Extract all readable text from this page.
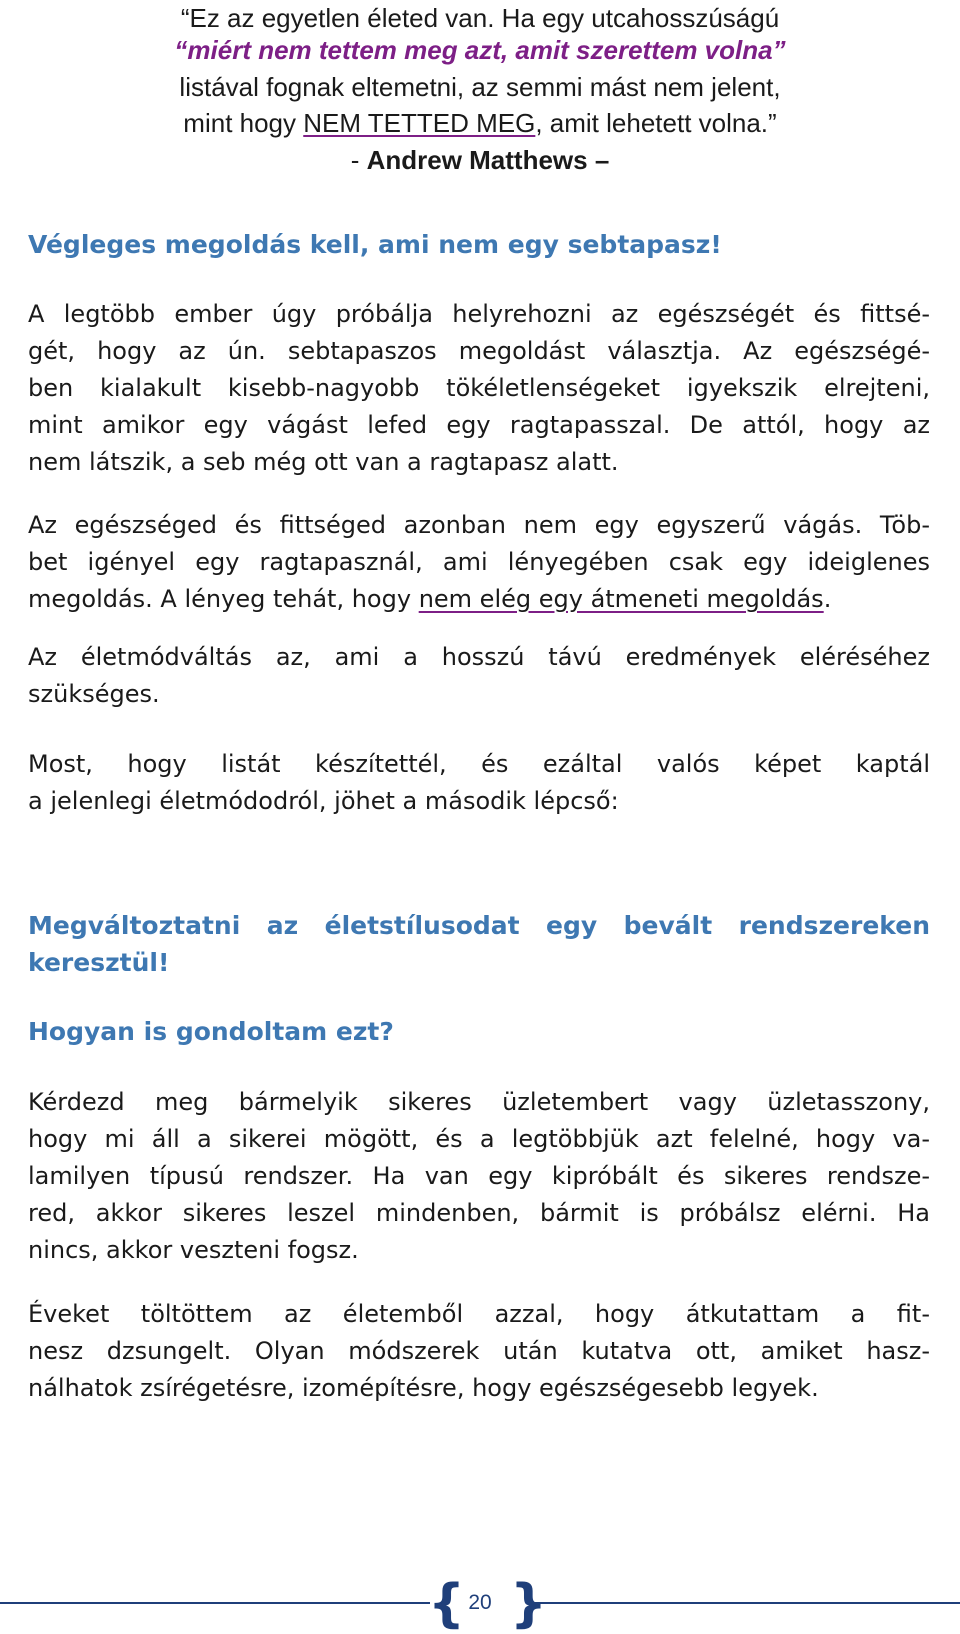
“Ez az egyetlen életed van. Ha egy utcahosszúságú
“miért nem tettem meg azt, amit szerettem volna”
listával fognak eltemetni, az semmi mást nem jelent,
mint hogy NEM TETTED MEG, amit lehetett volna.”
- Andrew Matthews –
Végleges megoldás kell, ami nem egy sebtapasz!
A legtöbb ember úgy próbálja helyrehozni az egészségét és fittsé-
gét, hogy az ún. sebtapaszos megoldást választja. Az egészségé-
ben kialakult kisebb-nagyobb tökéletlenségeket igyekszik elrejteni,
mint amikor egy vágást lefed egy ragtapasszal. De attól, hogy az
nem látszik, a seb még ott van a ragtapasz alatt.
Az egészséged és fittséged azonban nem egy egyszerű vágás. Töb-
bet igényel egy ragtapasznál, ami lényegében csak egy ideiglenes
megoldás. A lényeg tehát, hogy nem elég egy átmeneti megoldás.
Az életmódváltás az, ami a hosszú távú eredmények eléréséhez
szükséges.
Most, hogy listát készítettél, és ezáltal valós képet kaptál
a jelenlegi életmódodról, jöhet a második lépcső:
Megváltoztatni az életstílusodat egy bevált rendszereken
keresztül!
Hogyan is gondoltam ezt?
Kérdezd meg bármelyik sikeres üzletembert vagy üzletasszony,
hogy mi áll a sikerei mögött, és a legtöbbjük azt felelné, hogy va-
lamilyen típusú rendszer. Ha van egy kipróbált és sikeres rendsze-
red, akkor sikeres leszel mindenben, bármit is próbálsz elérni. Ha
nincs, akkor veszteni fogsz.
Éveket töltöttem az életemből azzal, hogy átkutattam a fit-
nesz dzsungelt. Olyan módszerek után kutatva ott, amiket hasz-
nálhatok zsírégetésre, izomépítésre, hogy egészségesebb legyek.
{ }
20
